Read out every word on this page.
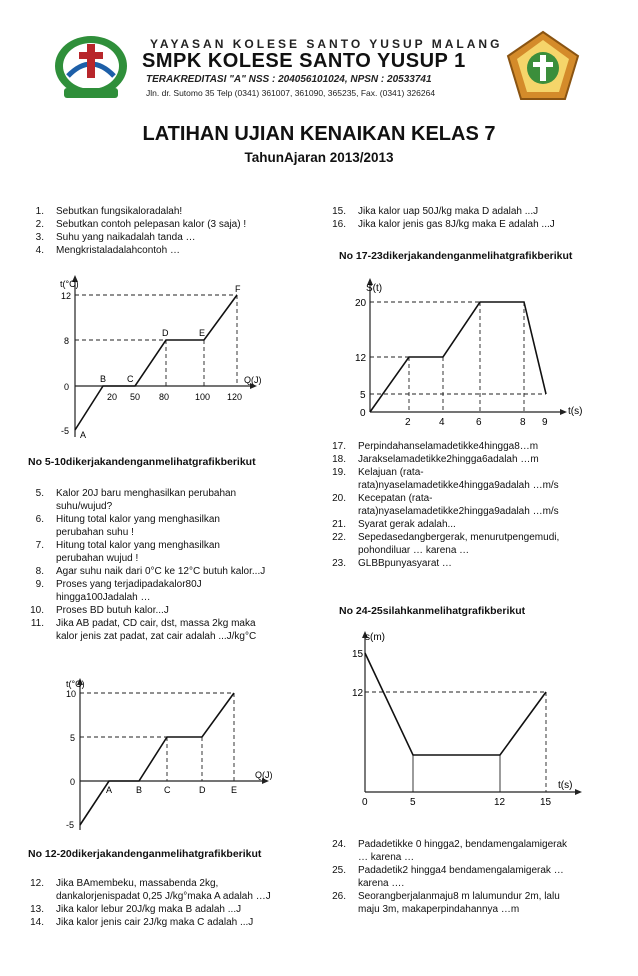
YAYASAN KOLESE SANTO YUSUP MALANG
SMPK KOLESE SANTO YUSUP 1
TERAKREDITASI "A" NSS : 204056101024, NPSN : 20533741
Jln. dr. Sutomo 35 Telp (0341) 361007, 361090, 365235, Fax. (0341) 326264
LATIHAN UJIAN KENAIKAN KELAS 7
TahunAjaran 2013/2013
1. Sebutkan fungsikaloradalah!
2. Sebutkan contoh pelepasan kalor (3 saja) !
3. Suhu yang naikadalah tanda …
4. Mengkristaladalahcontoh …
t(°C)
Q(J)
12
8
0
-5
20 50 80	100 120
A
B C
D	E
F
No 5-10dikerjakandenganmelihatgrafikberikut
5. Kalor 20J baru menghasilkan perubahan
suhu/wujud?
6. Hitung total kalor yang menghasilkan
perubahan suhu !
7. Hitung total kalor yang menghasilkan
perubahan wujud !
8. Agar suhu naik dari 0°C ke 12°C butuh kalor...J
9. Proses yang terjadipadakalor80J
hingga100Jadalah …
10. Proses BD butuh kalor...J
11. Jika AB padat, CD cair, dst, massa 2kg maka
kalor jenis zat padat, zat cair adalah ...J/kg°C
t(°C)
Q(J)
10
5
0
-5
A	B C	D	E
No 12-20dikerjakandenganmelihatgrafikberikut
12. Jika BAmembeku, massabenda 2kg,
dankalorjenispadat 0,25 J/kg°maka A adalah …J
13. Jika kalor lebur 20J/kg maka B adalah ...J
14. Jika kalor jenis cair 2J/kg maka C adalah ...J
15. Jika kalor uap 50J/kg maka D adalah ...J
16. Jika kalor jenis gas 8J/kg maka E adalah ...J
No 17-23dikerjakandenganmelihatgrafikberikut
S(t)
t(s)
20
12
5
0
2	4	6	8 9
17. Perpindahanselamadetikke4hingga8…m
18. Jarakselamadetikke2hingga6adalah …m
19. Kelajuan (rata-
rata)nyaselamadetikke4hingga9adalah …m/s
20. Kecepatan (rata-
rata)nyaselamadetikke2hingga9adalah …m/s
21. Syarat gerak adalah...
22. Sepedasedangbergerak, menurutpengemudi,
pohondiluar … karena …
23. GLBBpunyasyarat …
No 24-25silahkanmelihatgrafikberikut
s(m)
t(s)
15
12
0	5	12	15
24. Padadetikke 0 hingga2, bendamengalamigerak
… karena …
25. Padadetik2 hingga4 bendamengalamigerak …
karena ….
26. Seorangberjalanmaju8 m lalumundur 2m, lalu
maju 3m, makaperpindahannya …m
